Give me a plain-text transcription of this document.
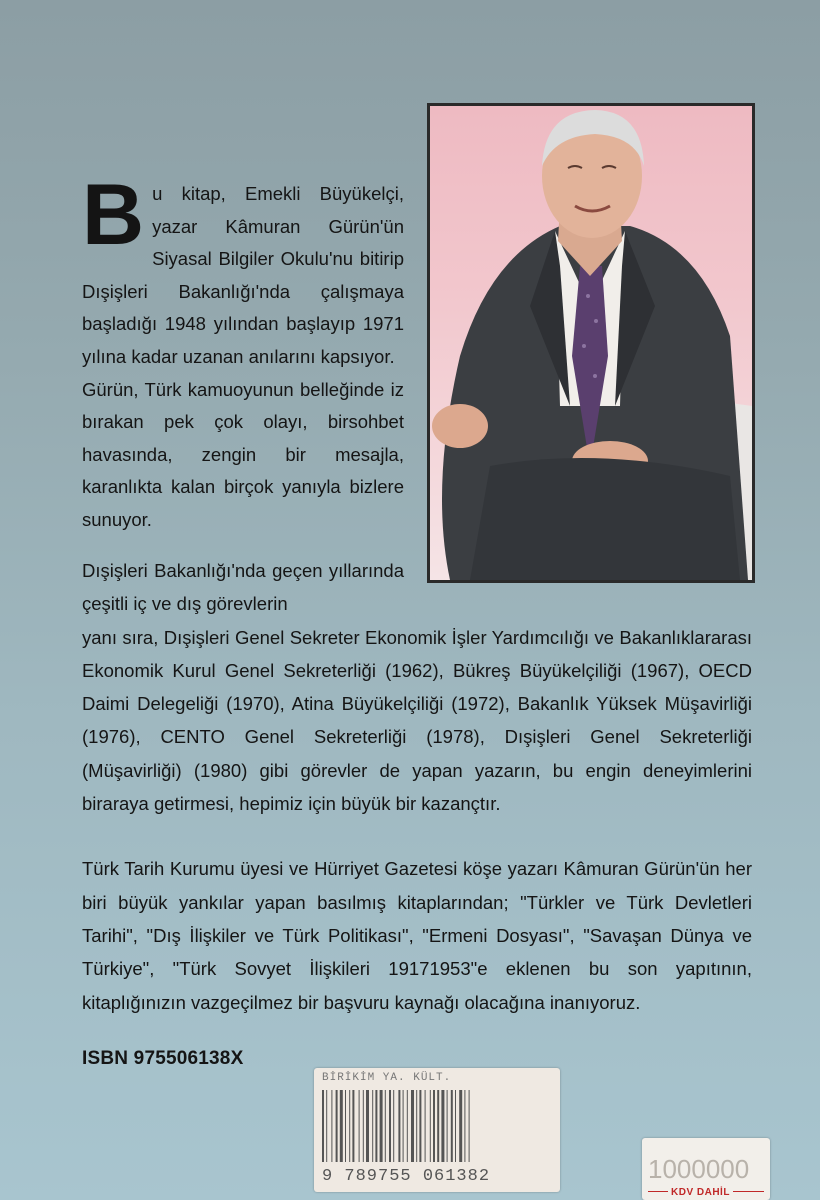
B u kitap, Emekli Büyükelçi, yazar Kâmuran Gürün'ün Siyasal Bilgiler Okulu'nu bitirip Dışişleri Bakanlığı'nda çalışmaya başladığı 1948 yılından başlayıp 1971 yılına kadar uzanan anılarını kapsıyor.

Gürün, Türk kamuoyunun belleğinde iz bırakan pek çok olayı, birsohbet havasında, zengin bir mesajla, karanlıkta kalan birçok yanıyla bizlere sunuyor.

Dışişleri Bakanlığı'nda geçen yıllarında çeşitli iç ve dış görevlerin

yanı sıra, Dışişleri Genel Sekreter Ekonomik İşler Yardımcılığı ve Bakanlıklararası Ekonomik Kurul Genel Sekreterliği (1962), Bükreş Büyükelçiliği (1967), OECD Daimi Delegeliği (1970), Atina Büyükelçiliği (1972), Bakanlık Yüksek Müşavirliği (1976), CENTO Genel Sekreterliği (1978), Dışişleri Genel Sekreterliği (Müşavirliği) (1980) gibi görevler de yapan yazarın, bu engin deneyimlerini biraraya getirmesi, hepimiz için büyük bir kazançtır.

Türk Tarih Kurumu üyesi ve Hürriyet Gazetesi köşe yazarı Kâmuran Gürün'ün her biri büyük yankılar yapan basılmış kitaplarından; "Türkler ve Türk Devletleri Tarihi", "Dış İlişkiler ve Türk Politikası", "Ermeni Dosyası", "Savaşan Dünya ve Türkiye", "Türk Sovyet İlişkileri 19171953"e eklenen bu son yapıtının, kitaplığınızın vazgeçilmez bir başvuru kaynağı olacağına inanıyoruz.

ISBN 975506138X
BİRİKİM YA. KÜLT.
9 789755 061382	1000000
KDV DAHİL
